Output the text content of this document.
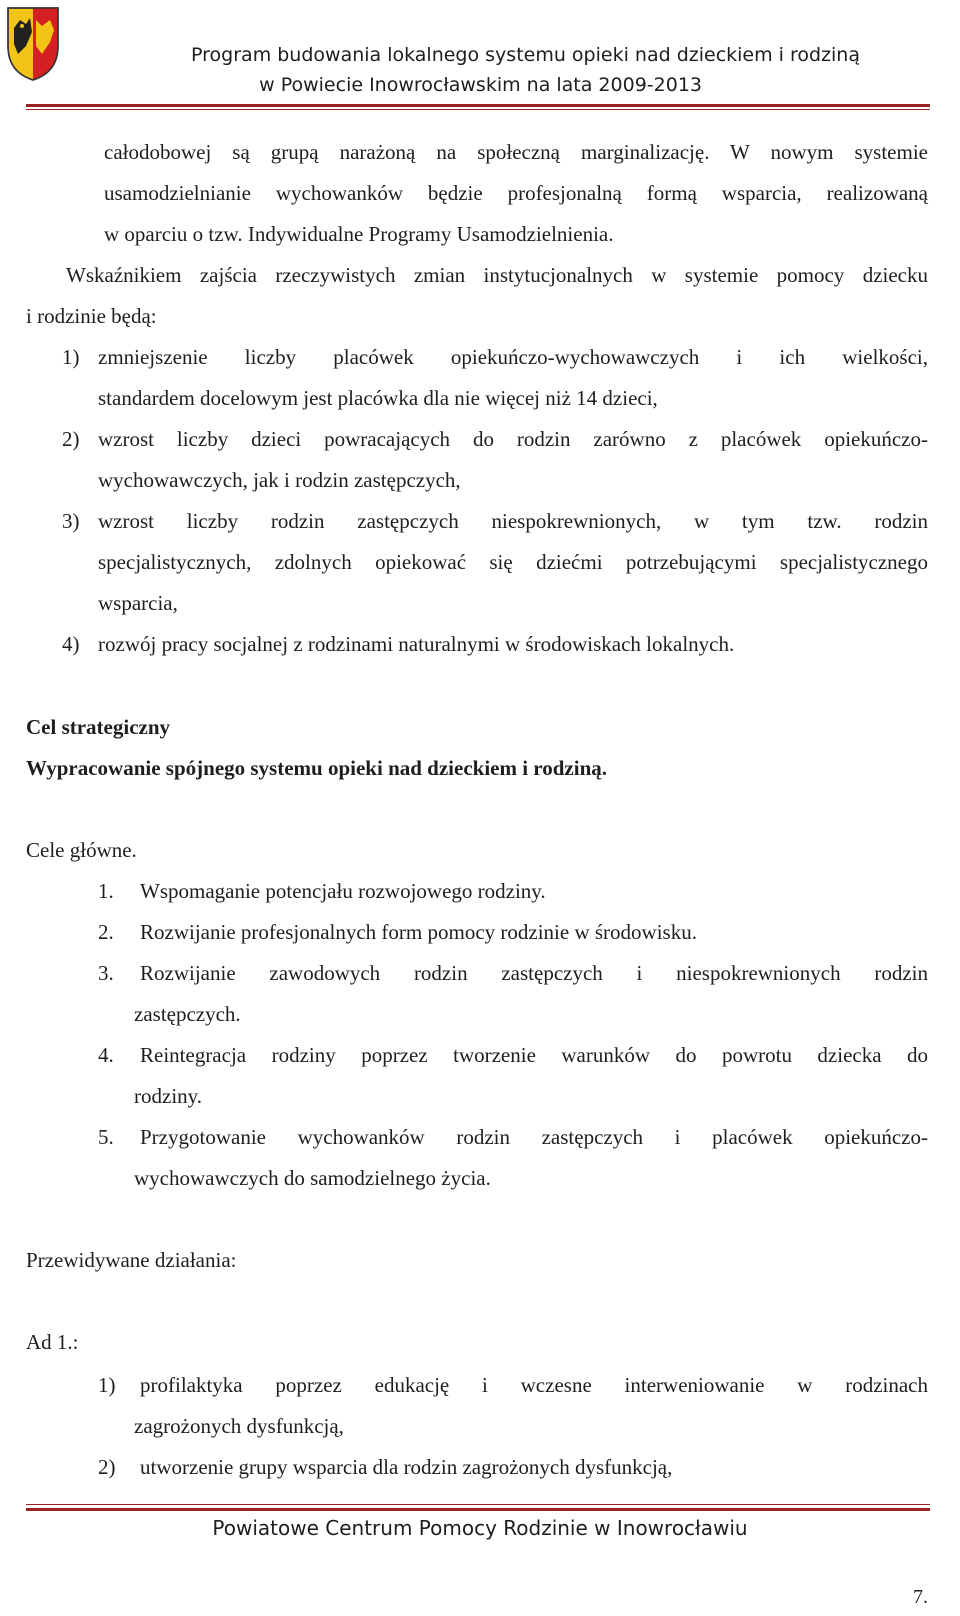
Program budowania lokalnego systemu opieki nad dzieckiem i rodziną
w Powiecie Inowrocławskim na lata 2009-2013
całodobowej są grupą narażoną na społeczną marginalizację. W nowym systemie
usamodzielnianie wychowanków będzie profesjonalną formą wsparcia, realizowaną
w oparciu o tzw. Indywidualne Programy Usamodzielnienia.
Wskaźnikiem zajścia rzeczywistych zmian instytucjonalnych w systemie pomocy dziecku
i rodzinie będą:
1) zmniejszenie liczby placówek opiekuńczo-wychowawczych i ich wielkości,
standardem docelowym jest placówka dla nie więcej niż 14 dzieci,
2) wzrost liczby dzieci powracających do rodzin zarówno z placówek opiekuńczo-
wychowawczych, jak i rodzin zastępczych,
3) wzrost liczby rodzin zastępczych niespokrewnionych, w tym tzw. rodzin
specjalistycznych, zdolnych opiekować się dziećmi potrzebującymi specjalistycznego
wsparcia,
4) rozwój pracy socjalnej z rodzinami naturalnymi w środowiskach lokalnych.
Cel strategiczny
Wypracowanie spójnego systemu opieki nad dzieckiem i rodziną.
Cele główne.
1. Wspomaganie potencjału rozwojowego rodziny.
2. Rozwijanie profesjonalnych form pomocy rodzinie w środowisku.
3. Rozwijanie zawodowych rodzin zastępczych i niespokrewnionych rodzin
zastępczych.
4. Reintegracja rodziny poprzez tworzenie warunków do powrotu dziecka do
rodziny.
5. Przygotowanie wychowanków rodzin zastępczych i placówek opiekuńczo-
wychowawczych do samodzielnego życia.
Przewidywane działania:
Ad 1.:
1) profilaktyka poprzez edukację i wczesne interweniowanie w rodzinach
zagrożonych dysfunkcją,
2) utworzenie grupy wsparcia dla rodzin zagrożonych dysfunkcją,
Powiatowe Centrum Pomocy Rodzinie w Inowrocławiu
7.
